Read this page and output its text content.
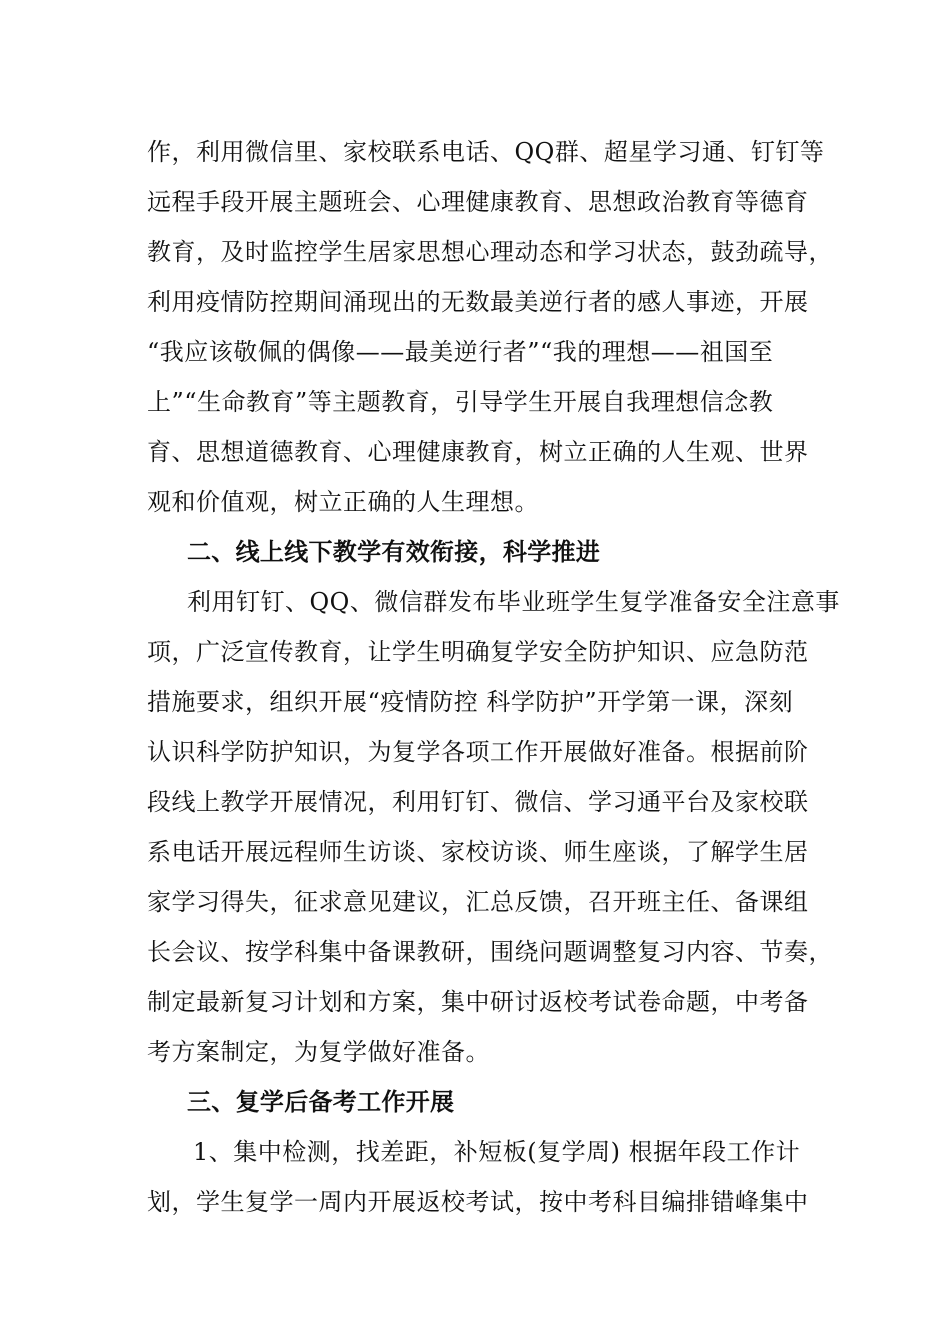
作，利用微信里、家校联系电话、QQ群、超星学习通、钉钉等
远程手段开展主题班会、心理健康教育、思想政治教育等德育
教育，及时监控学生居家思想心理动态和学习状态，鼓劲疏导，
利用疫情防控期间涌现出的无数最美逆行者的感人事迹，开展
“我应该敬佩的偶像——最美逆行者”“我的理想——祖国至
上”“生命教育”等主题教育，引导学生开展自我理想信念教
育、思想道德教育、心理健康教育，树立正确的人生观、世界
观和价值观，树立正确的人生理想。
二、线上线下教学有效衔接，科学推进
利用钉钉、QQ、微信群发布毕业班学生复学准备安全注意事
项，广泛宣传教育，让学生明确复学安全防护知识、应急防范
措施要求，组织开展“疫情防控 科学防护”开学第一课，深刻
认识科学防护知识，为复学各项工作开展做好准备。根据前阶
段线上教学开展情况，利用钉钉、微信、学习通平台及家校联
系电话开展远程师生访谈、家校访谈、师生座谈，了解学生居
家学习得失，征求意见建议，汇总反馈，召开班主任、备课组
长会议、按学科集中备课教研，围绕问题调整复习内容、节奏，
制定最新复习计划和方案，集中研讨返校考试卷命题，中考备
考方案制定，为复学做好准备。
三、复学后备考工作开展
1、集中检测，找差距，补短板(复学周) 根据年段工作计
划，学生复学一周内开展返校考试，按中考科目编排错峰集中
